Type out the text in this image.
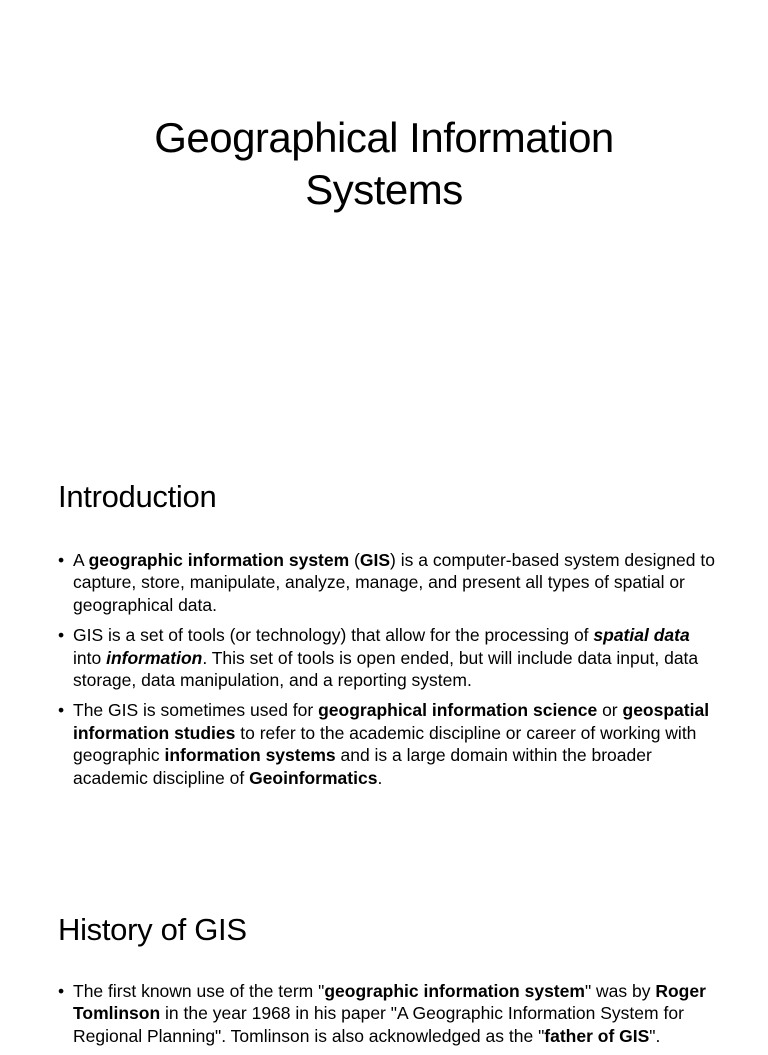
Geographical Information
Systems
Introduction
• A geographic information system (GIS) is a computer-based system designed to capture, store, manipulate, analyze, manage, and present all types of spatial or geographical data.
• GIS is a set of tools (or technology) that allow for the processing of spatial data into information. This set of tools is open ended, but will include data input, data storage, data manipulation, and a reporting system.
• The GIS is sometimes used for geographical information science or geospatial information studies to refer to the academic discipline or career of working with geographic information systems and is a large domain within the broader academic discipline of Geoinformatics.
History of GIS
• The first known use of the term "geographic information system" was by Roger Tomlinson in the year 1968 in his paper "A Geographic Information System for Regional Planning". Tomlinson is also acknowledged as the "father of GIS".
